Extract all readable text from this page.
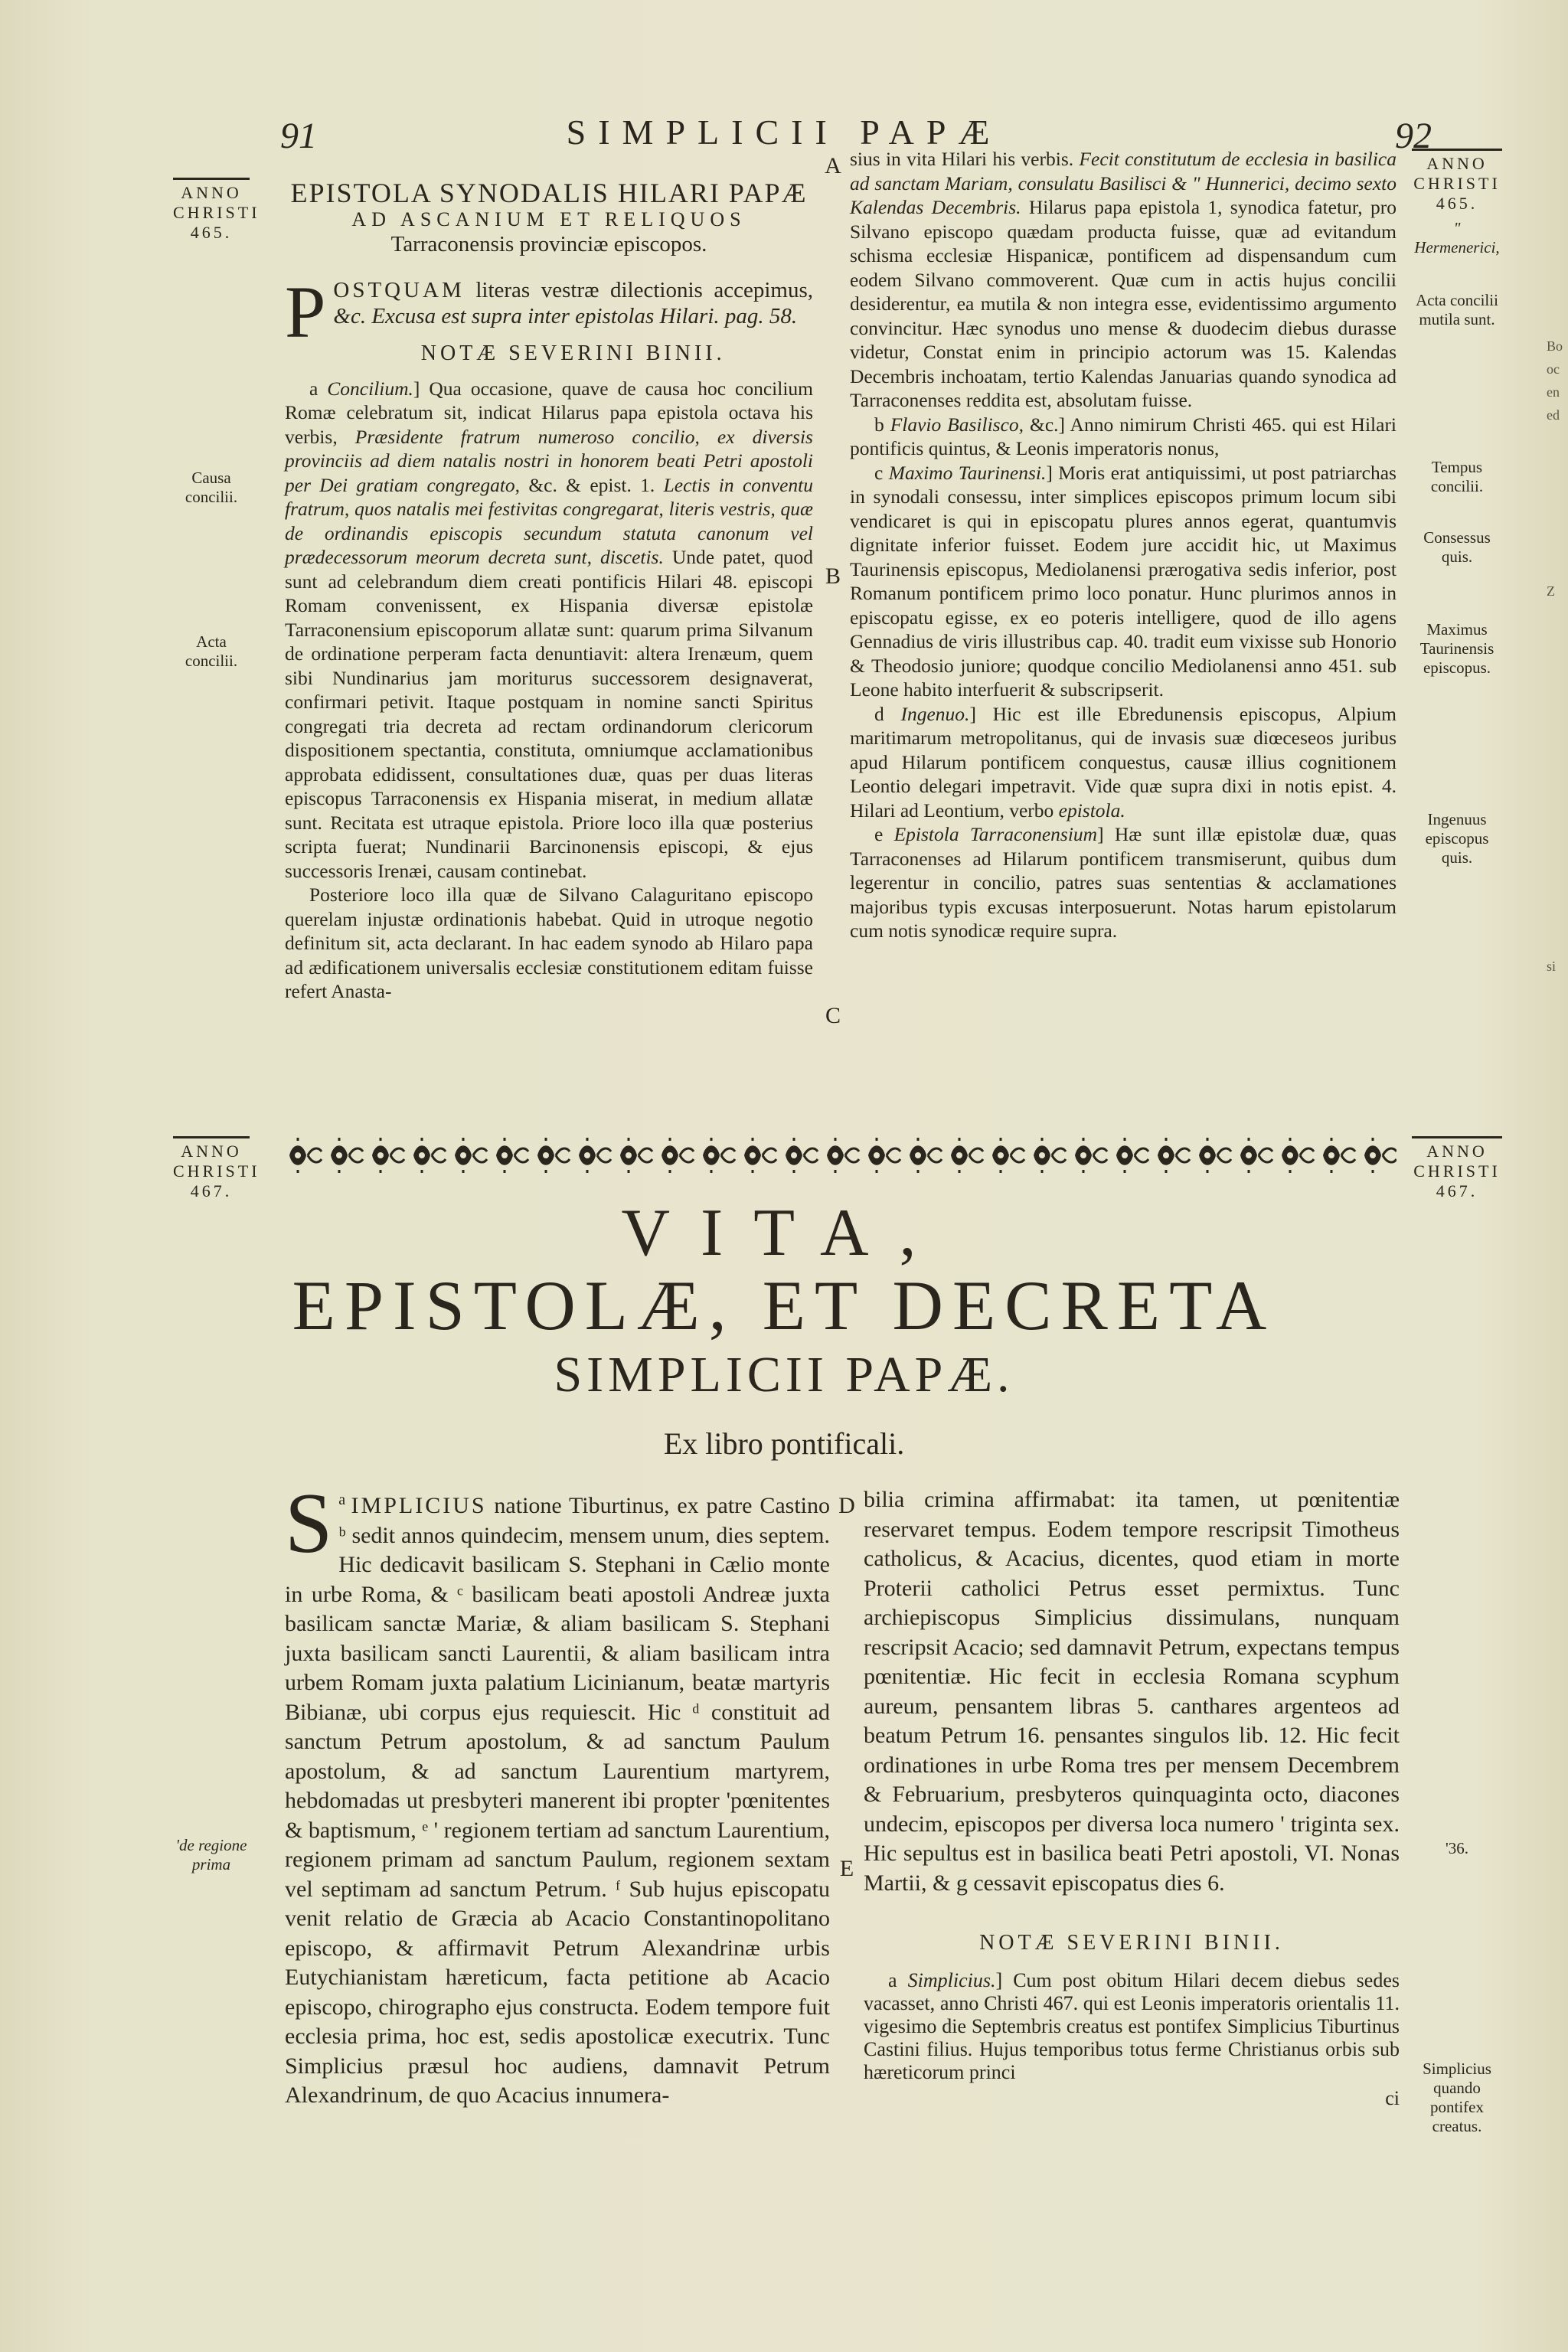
91	SIMPLICII PAPÆ	92
ANNO CHRISTI 465.
Causa concilii.
Acta concilii.
ANNO CHRISTI 465.
" Hermenerici,
Acta concilii mutila sunt.
Tempus concilii.
Consessus quis.
Maximus Taurinensis episcopus.
Ingenuus episcopus quis.
Bo
oc
en
ed
Z
si
A
B
C
D
E
EPISTOLA SYNODALIS HILARI PAPÆ
AD ASCANIUM ET RELIQUOS
Tarraconensis provinciæ episcopos.

POSTQUAM literas vestræ dilectionis accepimus, &c. Excusa est supra inter epistolas Hilari. pag. 58.

NOTÆ SEVERINI BINII.

a Concilium.] Qua occasione, quave de causa hoc concilium Romæ celebratum sit, indicat Hilarus papa epistola octava his verbis, Præsidente fratrum numeroso concilio, ex diversis provinciis ad diem natalis nostri in honorem beati Petri apostoli per Dei gratiam congregato, &c. & epist. 1. Lectis in conventu fratrum, quos natalis mei festivitas congregarat, literis vestris, quæ de ordinandis episcopis secundum statuta canonum vel prædecessorum meorum decreta sunt, discetis. Unde patet, quod sunt ad celebrandum diem creati pontificis Hilari 48. episcopi Romam convenissent, ex Hispania diversæ epistolæ Tarraconensium episcoporum allatæ sunt: quarum prima Silvanum de ordinatione perperam facta denuntiavit: altera Irenæum, quem sibi Nundinarius jam moriturus successorem designaverat, confirmari petivit. Itaque postquam in nomine sancti Spiritus congregati tria decreta ad rectam ordinandorum clericorum dispositionem spectantia, constituta, omniumque acclamationibus approbata edidissent, consultationes duæ, quas per duas literas episcopus Tarraconensis ex Hispania miserat, in medium allatæ sunt. Recitata est utraque epistola. Priore loco illa quæ posterius scripta fuerat; Nundinarii Barcinonensis episcopi, & ejus successoris Irenæi, causam continebat.

Posteriore loco illa quæ de Silvano Calaguritano episcopo querelam injustæ ordinationis habebat. Quid in utroque negotio definitum sit, acta declarant. In hac eadem synodo ab Hilaro papa ad ædificationem universalis ecclesiæ constitutionem editam fuisse refert Anasta-

sius in vita Hilari his verbis. Fecit constitutum de ecclesia in basilica ad sanctam Mariam, consulatu Basilisci & " Hunnerici, decimo sexto Kalendas Decembris. Hilarus papa epistola 1, synodica fatetur, pro Silvano episcopo quædam producta fuisse, quæ ad evitandum schisma ecclesiæ Hispanicæ, pontificem ad dispensandum cum eodem Silvano commoverent. Quæ cum in actis hujus concilii desiderentur, ea mutila & non integra esse, evidentissimo argumento convincitur. Hæc synodus uno mense & duodecim diebus durasse videtur, Constat enim in principio actorum was 15. Kalendas Decembris inchoatam, tertio Kalendas Januarias quando synodica ad Tarraconenses reddita est, absolutam fuisse.

b Flavio Basilisco, &c.] Anno nimirum Christi 465. qui est Hilari pontificis quintus, & Leonis imperatoris nonus,

c Maximo Taurinensi.] Moris erat antiquissimi, ut post patriarchas in synodali consessu, inter simplices episcopos primum locum sibi vendicaret is qui in episcopatu plures annos egerat, quantumvis dignitate inferior fuisset. Eodem jure accidit hic, ut Maximus Taurinensis episcopus, Mediolanensi prærogativa sedis inferior, post Romanum pontificem primo loco ponatur. Hunc plurimos annos in episcopatu egisse, ex eo poteris intelligere, quod de illo agens Gennadius de viris illustribus cap. 40. tradit eum vixisse sub Honorio & Theodosio juniore; quodque concilio Mediolanensi anno 451. sub Leone habito interfuerit & subscripserit.

d Ingenuo.] Hic est ille Ebredunensis episcopus, Alpium maritimarum metropolitanus, qui de invasis suæ diœceseos juribus apud Hilarum pontificem conquestus, causæ illius cognitionem Leontio delegari impetravit. Vide quæ supra dixi in notis epist. 4. Hilari ad Leontium, verbo epistola.

e Epistola Tarraconensium] Hæ sunt illæ epistolæ duæ, quas Tarraconenses ad Hilarum pontificem transmiserunt, quibus dum legerentur in concilio, patres suas sententias & acclamationes majoribus typis excusas interposuerunt. Notas harum epistolarum cum notis synodicæ require supra.

ANNO CHRISTI 467.
ANNO CHRISTI 467.
VITA,
EPISTOLÆ, ET DECRETA
SIMPLICII PAPÆ.
Ex libro pontificali.
'de regione prima
'36.
Simplicius quando pontifex creatus.

$^a$
S IMPLICIUS natione Tiburtinus, ex patre Castino ᵇ sedit annos quindecim, mensem unum, dies septem. Hic dedicavit basilicam S. Stephani in Cælio monte in urbe Roma, & ᶜ basilicam beati apostoli Andreæ juxta basilicam sanctæ Mariæ, & aliam basilicam S. Stephani juxta basilicam sancti Laurentii, & aliam basilicam intra urbem Romam juxta palatium Licinianum, beatæ martyris Bibianæ, ubi corpus ejus requiescit. Hic ᵈ constituit ad sanctum Petrum apostolum, & ad sanctum Paulum apostolum, & ad sanctum Laurentium martyrem, hebdomadas ut presbyteri manerent ibi propter 'pœnitentes & baptismum, ᵉ ' regionem tertiam ad sanctum Laurentium, regionem primam ad sanctum Paulum, regionem sextam vel septimam ad sanctum Petrum. ᶠ Sub hujus episcopatu venit relatio de Græcia ab Acacio Constantinopolitano episcopo, & affirmavit Petrum Alexandrinæ urbis Eutychianistam hæreticum, facta petitione ab Acacio episcopo, chirographo ejus constructa. Eodem tempore fuit ecclesia prima, hoc est, sedis apostolicæ executrix. Tunc Simplicius præsul hoc audiens, damnavit Petrum Alexandrinum, de quo Acacius innumera-

bilia crimina affirmabat: ita tamen, ut pœnitentiæ reservaret tempus. Eodem tempore rescripsit Timotheus catholicus, & Acacius, dicentes, quod etiam in morte Proterii catholici Petrus esset permixtus. Tunc archiepiscopus Simplicius dissimulans, nunquam rescripsit Acacio; sed damnavit Petrum, expectans tempus pœnitentiæ. Hic fecit in ecclesia Romana scyphum aureum, pensantem libras 5. canthares argenteos ad beatum Petrum 16. pensantes singulos lib. 12. Hic fecit ordinationes in urbe Roma tres per mensem Decembrem & Februarium, presbyteros quinquaginta octo, diacones undecim, episcopos per diversa loca numero ' triginta sex. Hic sepultus est in basilica beati Petri apostoli, VI. Nonas Martii, & g cessavit episcopatus dies 6.

NOTÆ SEVERINI BINII.

a Simplicius.] Cum post obitum Hilari decem diebus sedes vacasset, anno Christi 467. qui est Leonis imperatoris orientalis 11. vigesimo die Septembris creatus est pontifex Simplicius Tiburtinus Castini filius. Hujus temporibus totus ferme Christianus orbis sub hæreticorum princi

ci
